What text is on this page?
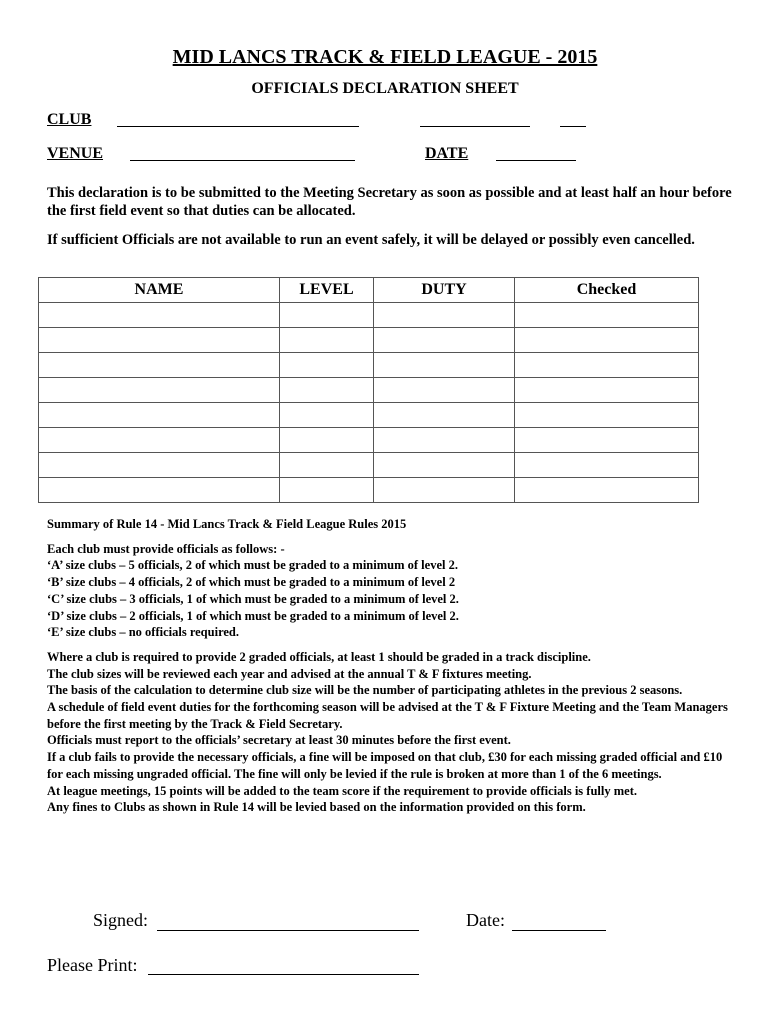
MID LANCS TRACK & FIELD LEAGUE - 2015
OFFICIALS DECLARATION SHEET
CLUB
VENUE	DATE
This declaration is to be submitted to the Meeting Secretary as soon as possible and at least half an hour before the first field event so that duties can be allocated.
If sufficient Officials are not available to run an event safely, it will be delayed or possibly even cancelled.
NAME	LEVEL	DUTY	Checked

Summary of Rule 14 - Mid Lancs Track & Field League Rules 2015
Each club must provide officials as follows: -
‘A’ size clubs – 5 officials, 2 of which must be graded to a minimum of level 2.
‘B’ size clubs – 4 officials, 2 of which must be graded to a minimum of level 2
‘C’ size clubs – 3 officials, 1 of which must be graded to a minimum of level 2.
‘D’ size clubs – 2 officials, 1 of which must be graded to a minimum of level 2.
‘E’ size clubs – no officials required.
Where a club is required to provide 2 graded officials, at least 1 should be graded in a track discipline.
The club sizes will be reviewed each year and advised at the annual T & F fixtures meeting.
The basis of the calculation to determine club size will be the number of participating athletes in the previous 2 seasons.
A schedule of field event duties for the forthcoming season will be advised at the T & F Fixture Meeting and the Team Managers before the first meeting by the Track & Field Secretary.
Officials must report to the officials’ secretary at least 30 minutes before the first event.
If a club fails to provide the necessary officials, a fine will be imposed on that club, £30 for each missing graded official and £10 for each missing ungraded official. The fine will only be levied if the rule is broken at more than 1 of the 6 meetings.
At league meetings, 15 points will be added to the team score if the requirement to provide officials is fully met.
Any fines to Clubs as shown in Rule 14 will be levied based on the information provided on this form.
Signed:	Date:
Please Print:
